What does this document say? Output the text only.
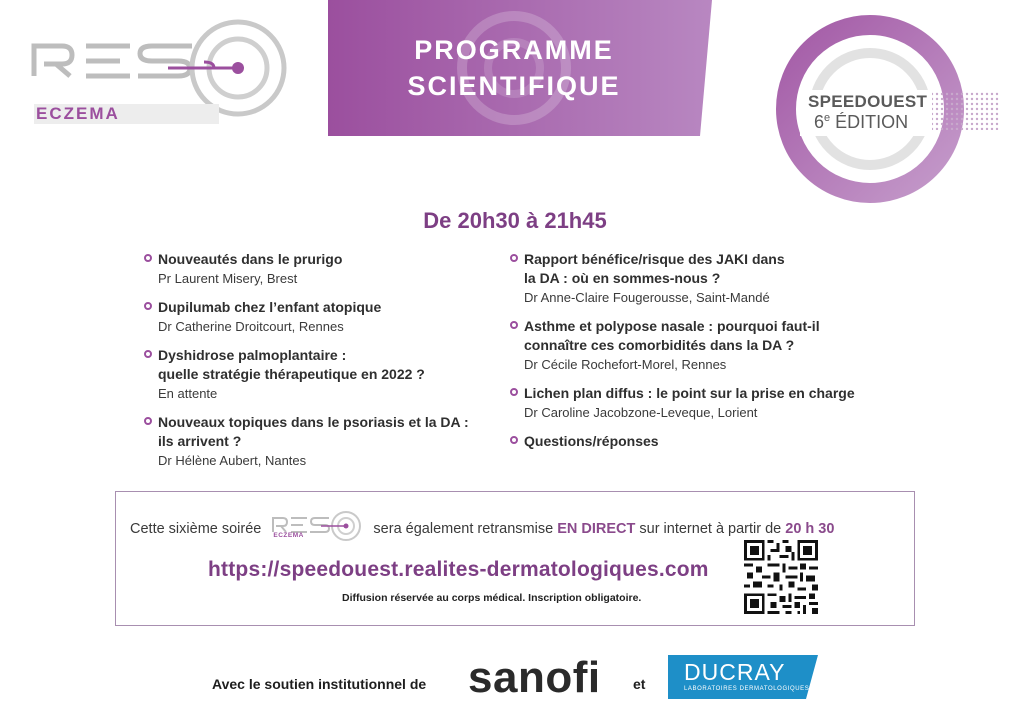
ECZEMA
PROGRAMME
SCIENTIFIQUE
SPEEDOUEST
6e ÉDITION
De 20h30 à 21h45
Nouveautés dans le prurigo
Pr Laurent Misery, Brest
Dupilumab chez l’enfant atopique
Dr Catherine Droitcourt, Rennes
Dyshidrose palmoplantaire :
quelle stratégie thérapeutique en 2022 ?
En attente
Nouveaux topiques dans le psoriasis et la DA :
ils arrivent ?
Dr Hélène Aubert, Nantes
Rapport bénéfice/risque des JAKI dans
la DA : où en sommes-nous ?
Dr Anne-Claire Fougerousse, Saint-Mandé
Asthme et polypose nasale : pourquoi faut-il
connaître ces comorbidités dans la DA ?
Dr Cécile Rochefort-Morel, Rennes
Lichen plan diffus : le point sur la prise en charge
Dr Caroline Jacobzone-Leveque, Lorient
Questions/réponses
Cette sixième soirée ECZEMA	sera également retransmise EN DIRECT sur internet à partir de 20 h 30
https://speedouest.realites-dermatologiques.com
Diffusion réservée au corps médical. Inscription obligatoire.
Avec le soutien institutionnel de sanofi et DUCRAY
LABORATOIRES DERMATOLOGIQUES
